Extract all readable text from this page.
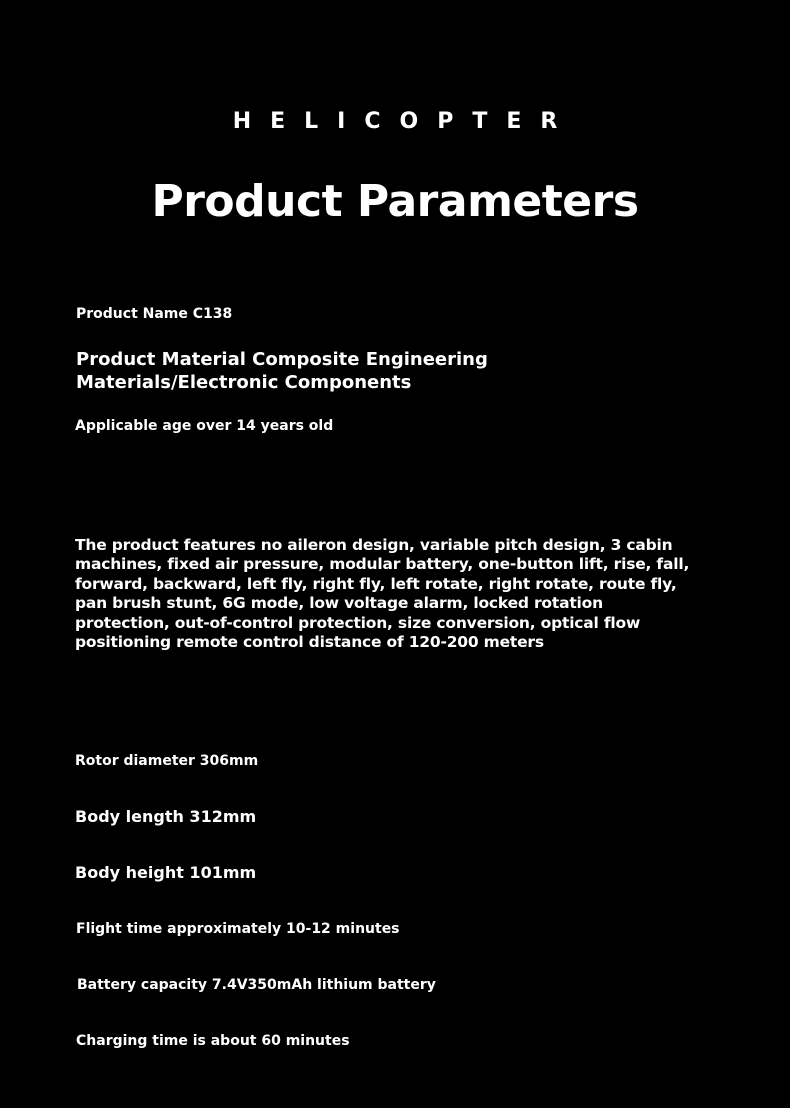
HELICOPTER
Product Parameters
Product Name C138
Product Material Composite Engineering Materials/Electronic Components
Applicable age over 14 years old
The product features no aileron design, variable pitch design, 3 cabin machines, fixed air pressure, modular battery, one-button lift, rise, fall, forward, backward, left fly, right fly, left rotate, right rotate, route fly, pan brush stunt, 6G mode, low voltage alarm, locked rotation protection, out-of-control protection, size conversion, optical flow positioning remote control distance of 120-200 meters
Rotor diameter 306mm
Body length 312mm
Body height 101mm
Flight time approximately 10-12 minutes
Battery capacity 7.4V350mAh lithium battery
Charging time is about 60 minutes
